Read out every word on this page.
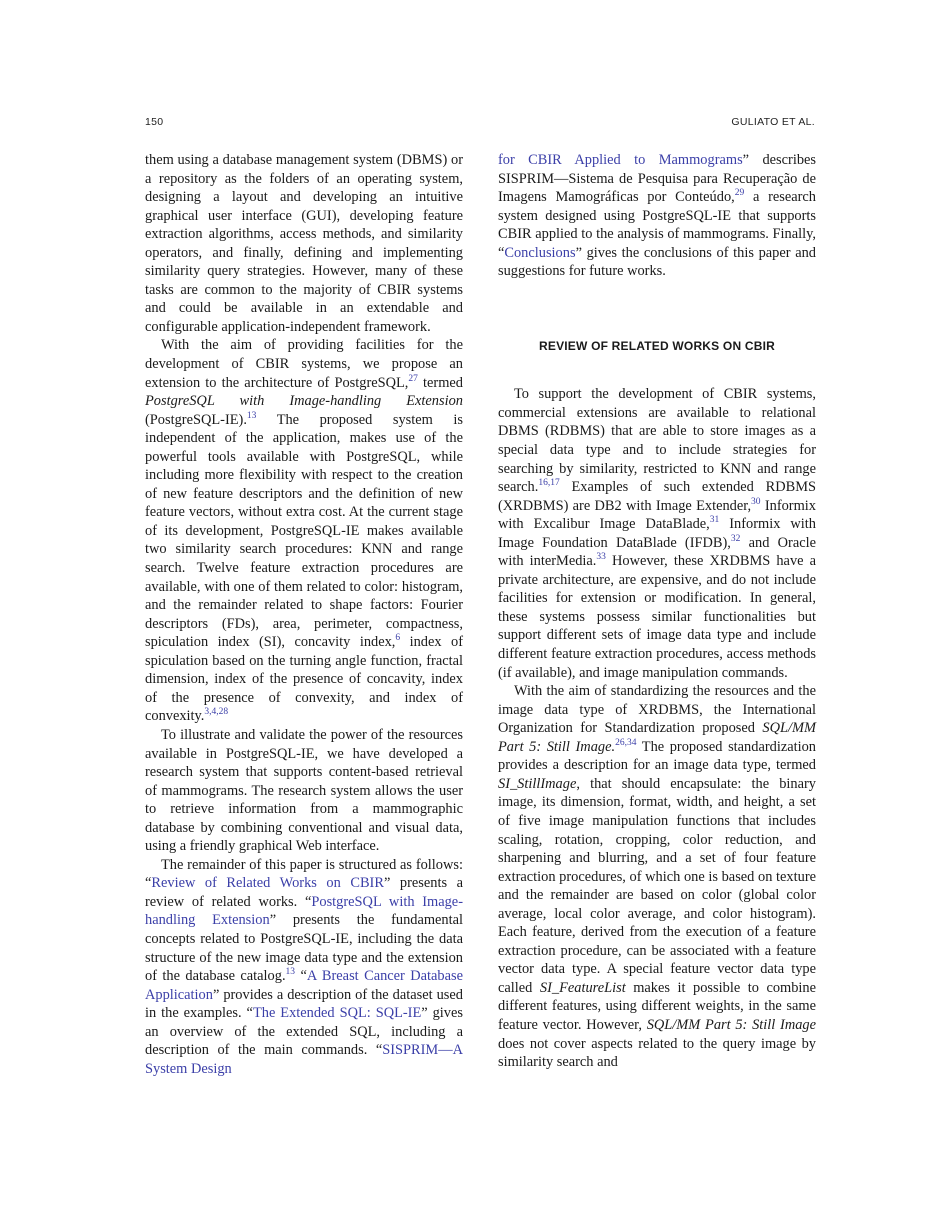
150	GULIATO ET AL.

them using a database management system (DBMS) or a repository as the folders of an operating system, designing a layout and developing an intuitive graphical user interface (GUI), developing feature extraction algorithms, access methods, and similarity operators, and finally, defining and implementing similarity query strategies. However, many of these tasks are common to the majority of CBIR systems and could be available in an extendable and configurable application-independent framework.

With the aim of providing facilities for the development of CBIR systems, we propose an extension to the architecture of PostgreSQL,$^{27}$ termed PostgreSQL with Image-handling Extension (PostgreSQL-IE).$^{13}$ The proposed system is independent of the application, makes use of the powerful tools available with PostgreSQL, while including more flexibility with respect to the creation of new feature descriptors and the definition of new feature vectors, without extra cost. At the current stage of its development, PostgreSQL-IE makes available two similarity search procedures: KNN and range search. Twelve feature extraction procedures are available, with one of them related to color: histogram, and the remainder related to shape factors: Fourier descriptors (FDs), area, perimeter, compactness, spiculation index (SI), concavity index,$^6$ index of spiculation based on the turning angle function, fractal dimension, index of the presence of concavity, index of the presence of convexity, and index of convexity.$^{3,4,28}$

To illustrate and validate the power of the resources available in PostgreSQL-IE, we have developed a research system that supports content-based retrieval of mammograms. The research system allows the user to retrieve information from a mammographic database by combining conventional and visual data, using a friendly graphical Web interface.

The remainder of this paper is structured as follows: “Review of Related Works on CBIR” presents a review of related works. “PostgreSQL with Image-handling Extension” presents the fundamental concepts related to PostgreSQL-IE, including the data structure of the new image data type and the extension of the database catalog.$^{13}$ “A Breast Cancer Database Application” provides a description of the dataset used in the examples. “The Extended SQL: SQL-IE” gives an overview of the extended SQL, including a description of the main commands. “SISPRIM—A System Design

for CBIR Applied to Mammograms” describes SISPRIM—Sistema de Pesquisa para Recuperação de Imagens Mamográficas por Conteúdo,$^{29}$ a research system designed using PostgreSQL-IE that supports CBIR applied to the analysis of mammograms. Finally, “Conclusions” gives the conclusions of this paper and suggestions for future works.

REVIEW OF RELATED WORKS ON CBIR

To support the development of CBIR systems, commercial extensions are available to relational DBMS (RDBMS) that are able to store images as a special data type and to include strategies for searching by similarity, restricted to KNN and range search.$^{16,17}$ Examples of such extended RDBMS (XRDBMS) are DB2 with Image Extender,$^{30}$ Informix with Excalibur Image DataBlade,$^{31}$ Informix with Image Foundation DataBlade (IFDB),$^{32}$ and Oracle with interMedia.$^{33}$ However, these XRDBMS have a private architecture, are expensive, and do not include facilities for extension or modification. In general, these systems possess similar functionalities but support different sets of image data type and include different feature extraction procedures, access methods (if available), and image manipulation commands.

With the aim of standardizing the resources and the image data type of XRDBMS, the International Organization for Standardization proposed SQL/MM Part 5: Still Image.$^{26,34}$ The proposed standardization provides a description for an image data type, termed SI_StillImage, that should encapsulate: the binary image, its dimension, format, width, and height, a set of five image manipulation functions that includes scaling, rotation, cropping, color reduction, and sharpening and blurring, and a set of four feature extraction procedures, of which one is based on texture and the remainder are based on color (global color average, local color average, and color histogram). Each feature, derived from the execution of a feature extraction procedure, can be associated with a feature vector data type. A special feature vector data type called SI_FeatureList makes it possible to combine different features, using different weights, in the same feature vector. However, SQL/MM Part 5: Still Image does not cover aspects related to the query image by similarity search and
